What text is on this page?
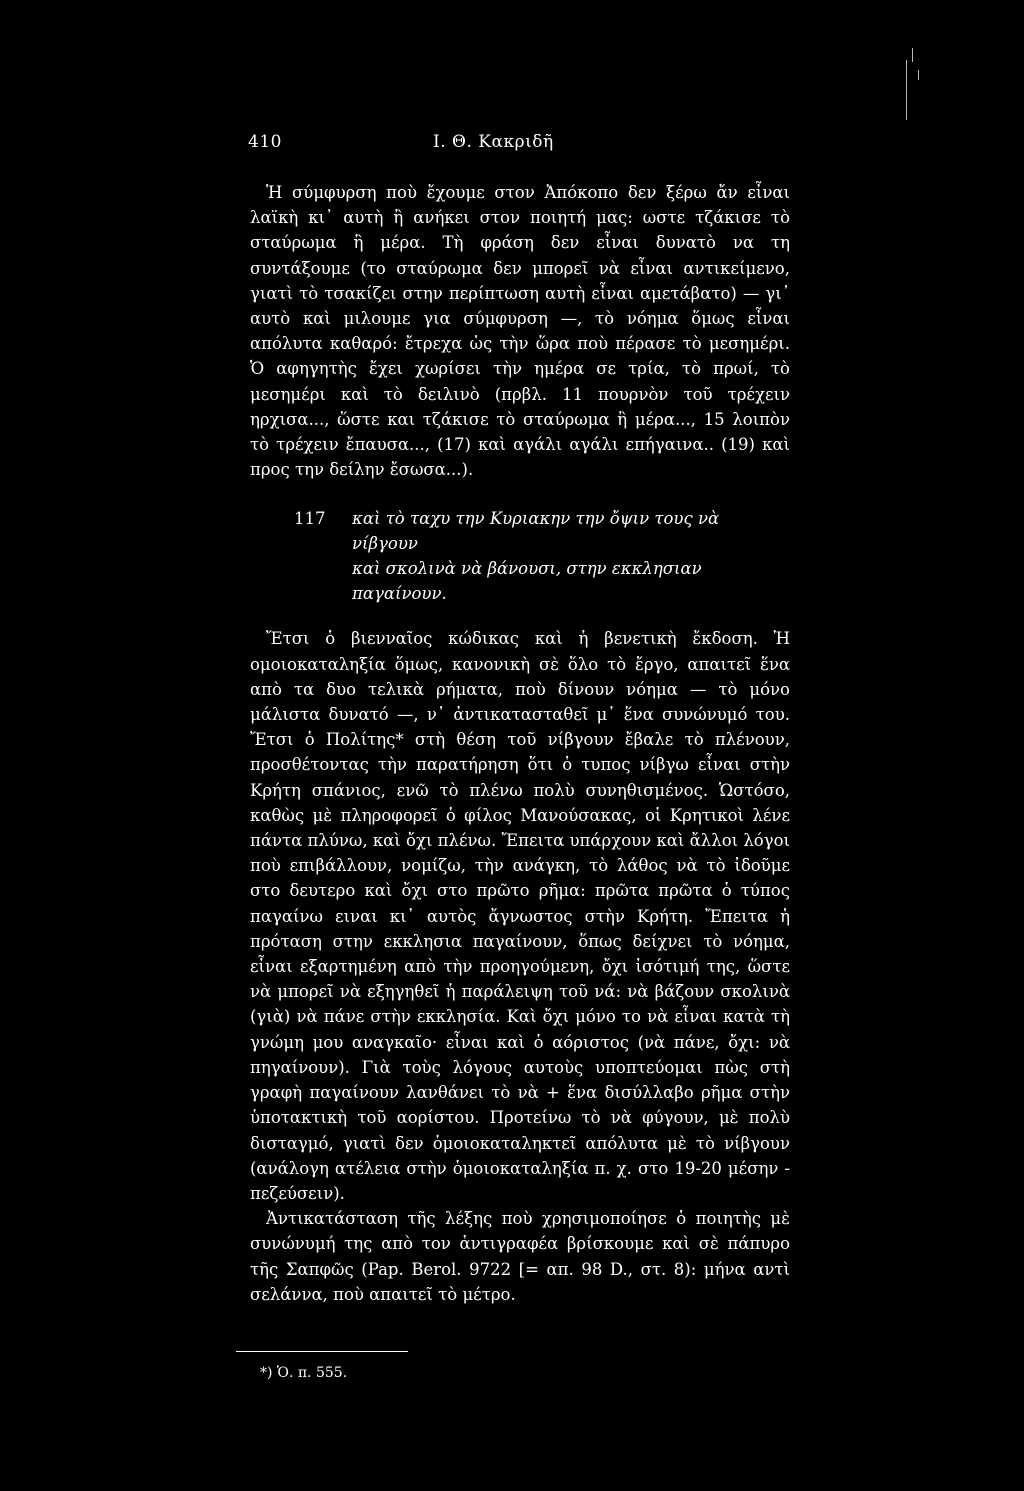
410	Ι. Θ. Κακριδῆ

Ἡ σύμφυρση ποὺ ἔχουμε στον Ἀπόκοπο δεν ξέρω ἄν εἶναι λαϊκὴ κι᾽ αυτὴ ἢ ανήκει στον ποιητή μας: ωστε τζάκισε τὸ σταύρωμα ἢ μέρα. Τὴ φράση δεν εἶναι δυνατὸ να τη συντάξουμε (το σταύρωμα δεν μπορεῖ νὰ εἶναι αντικείμενο, γιατὶ τὸ τσακίζει στην περίπτωση αυτὴ εἶναι αμετάβατο) — γι᾽ αυτὸ καὶ μιλουμε για σύμφυρση —, τὸ νόημα ὅμως εἶναι απόλυτα καθαρό: ἔτρεχα ὡς τὴν ὥρα ποὺ πέρασε τὸ μεσημέρι. Ὁ αφηγητὴς ἔχει χωρίσει τὴν ημέρα σε τρία, τὸ πρωί, τὸ μεσημέρι καὶ τὸ δειλινὸ (πρβλ. 11 πουρνὸν τοῦ τρέχειν ηρχισα..., ὥστε και τζάκισε τὸ σταύρωμα ἢ μέρα..., 15 λοιπὸν τὸ τρέχειν ἔπαυσα..., (17) καὶ αγάλι αγάλι επήγαινα.. (19) καὶ προς την δείλην ἔσωσα...).

117	καὶ τὸ ταχυ την Κυριακην την ὄψιν τους νὰ νίβγουν
καὶ σκολινὰ νὰ βάνουσι, στην εκκλησιαν παγαίνουν.

Ἔτσι ὁ βιενναῖος κώδικας καὶ ἡ βενετικὴ ἔκδοση. Ἡ ομοιοκαταληξία ὅμως, κανονικὴ σὲ ὅλο τὸ ἔργο, απαιτεῖ ἕνα απὸ τα δυο τελικὰ ρήματα, ποὺ δίνουν νόημα — τὸ μόνο μάλιστα δυνατό —, ν᾽ ἀντικατασταθεῖ μ᾽ ἕνα συνώνυμό του. Ἔτσι ὁ Πολίτης* στὴ θέση τοῦ νίβγουν ἔβαλε τὸ πλένουν, προσθέτοντας τὴν παρατήρηση ὅτι ὁ τυπος νίβγω εἶναι στὴν Κρήτη σπάνιος, ενῶ τὸ πλένω πολὺ συνηθισμένος. Ὡστόσο, καθὼς μὲ πληροφορεῖ ὁ φίλος Μανούσακας, οἱ Κρητικοὶ λένε πάντα πλύνω, καὶ ὄχι πλένω. Ἔπειτα υπάρχουν καὶ ἄλλοι λόγοι ποὺ επιβάλλουν, νομίζω, τὴν ανάγκη, τὸ λάθος νὰ τὸ ἰδοῦμε στο δευτερο καὶ ὄχι στο πρῶτο ρῆμα: πρῶτα πρῶτα ὁ τύπος παγαίνω ειναι κι᾽ αυτὸς ἄγνωστος στὴν Κρήτη. Ἔπειτα ἡ πρόταση στην εκκλησια παγαίνουν, ὅπως δείχνει τὸ νόημα, εἶναι εξαρτημένη απὸ τὴν προηγούμενη, ὄχι ἰσότιμή της, ὥστε νὰ μπορεῖ νὰ εξηγηθεῖ ἡ παράλειψη τοῦ νά: νὰ βάζουν σκολινὰ (γιὰ) νὰ πάνε στὴν εκκλησία. Καὶ ὄχι μόνο το νὰ εἶναι κατὰ τὴ γνώμη μου αναγκαῖο· εἶναι καὶ ὁ αόριστος (νὰ πάνε, ὄχι: νὰ πηγαίνουν). Γιὰ τοὺς λόγους αυτοὺς υποπτεύομαι πὼς στὴ γραφὴ παγαίνουν λανθάνει τὸ νὰ + ἕνα δισύλλαβο ρῆμα στὴν ὑποτακτικὴ τοῦ αορίστου. Προτείνω τὸ νὰ φύγουν, μὲ πολὺ δισταγμό, γιατὶ δεν ὁμοιοκαταληκτεῖ απόλυτα μὲ τὸ νίβγουν (ανάλογη ατέλεια στὴν ὁμοιοκαταληξία π. χ. στο 19-20 μέσην - πεζεύσειν).

Ἀντικατάσταση τῆς λέξης ποὺ χρησιμοποίησε ὁ ποιητὴς μὲ συνώνυμή της απὸ τον ἀντιγραφέα βρίσκουμε καὶ σὲ πάπυρο τῆς Σαπφῶς (Pap. Berol. 9722 [= απ. 98 D., στ. 8): μήνα αντὶ σελάννα, ποὺ απαιτεῖ τὸ μέτρο.

*) Ὁ. π. 555.
